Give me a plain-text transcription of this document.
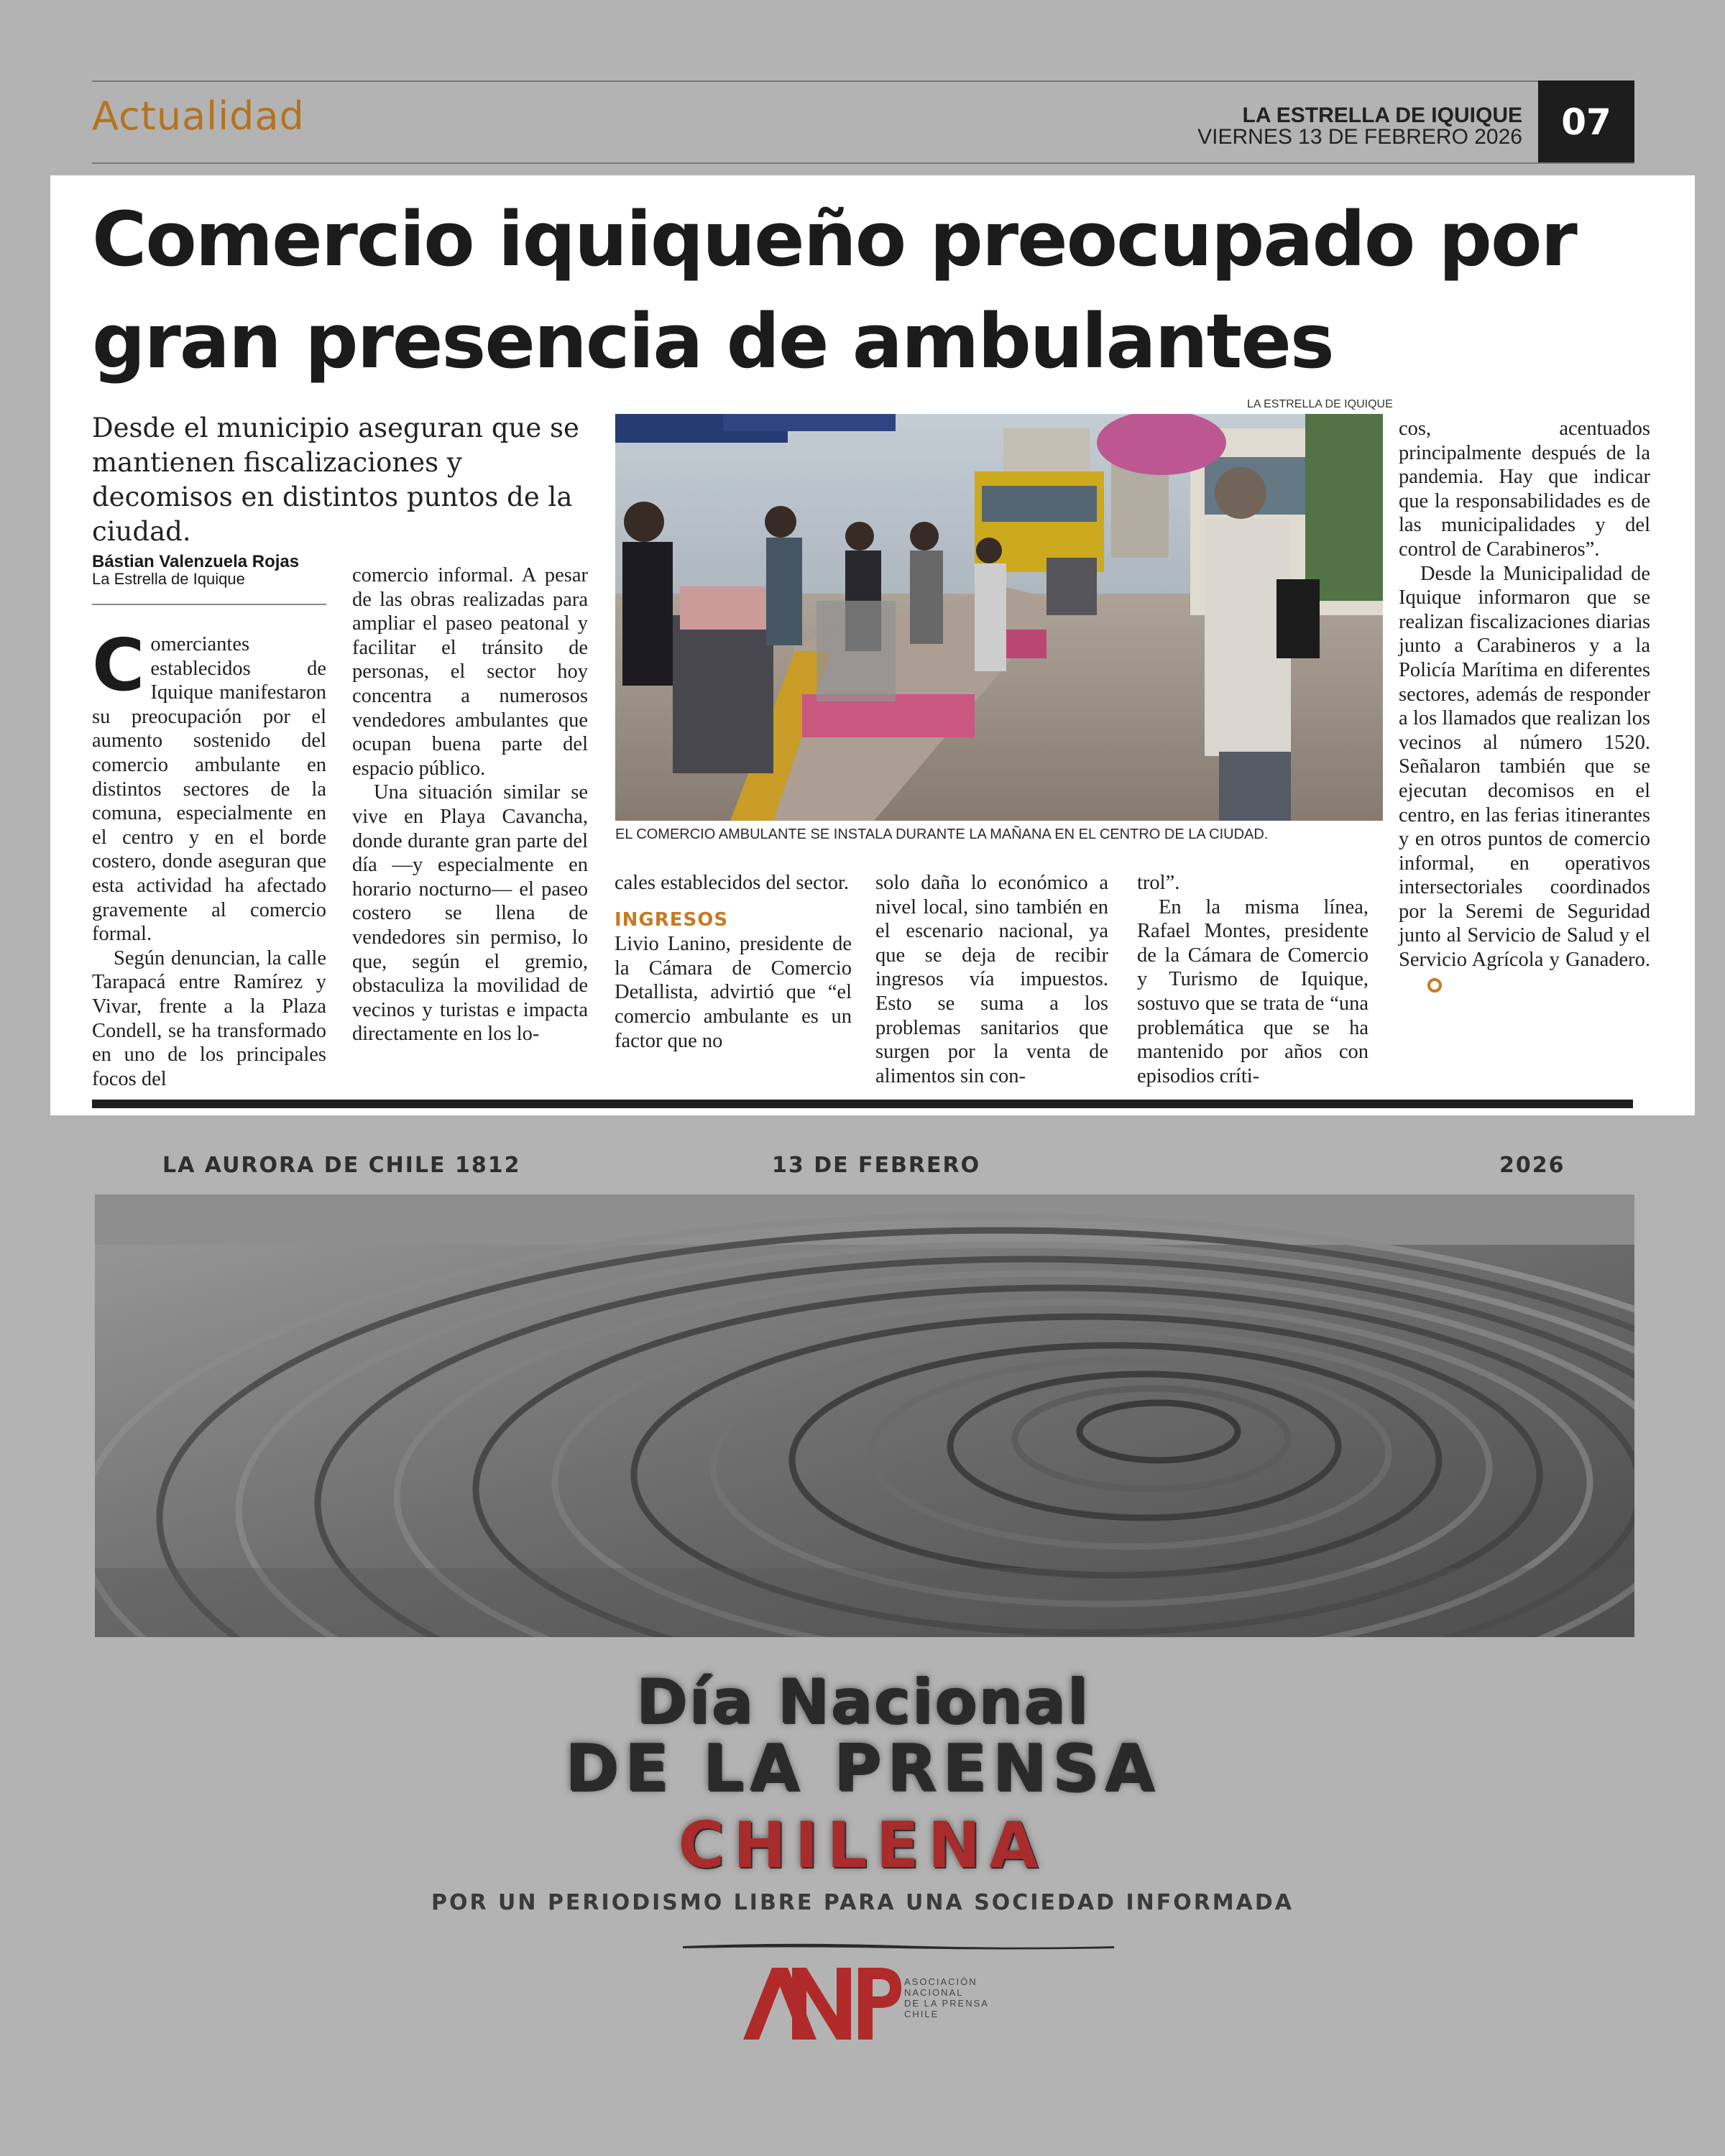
Actualidad	LA ESTRELLA DE IQUIQUE
VIERNES 13 DE FEBRERO 2026	07
Comercio iquiqueño preocupado por
gran presencia de ambulantes
Desde el municipio aseguran que se mantienen fiscalizaciones y decomisos en distintos puntos de la ciudad.
Bástian Valenzuela Rojas
La Estrella de Iquique

Comerciantes establecidos de Iquique manifestaron su preocupación por el aumento sostenido del comercio ambulante en distintos sectores de la comuna, especialmente en el centro y en el borde costero, donde aseguran que esta actividad ha afectado gravemente al comercio formal.

Según denuncian, la calle Tarapacá entre Ramírez y Vivar, frente a la Plaza Condell, se ha transformado en uno de los principales focos del

comercio informal. A pesar de las obras realizadas para ampliar el paseo peatonal y facilitar el tránsito de personas, el sector hoy concentra a numerosos vendedores ambulantes que ocupan buena parte del espacio público.

Una situación similar se vive en Playa Cavancha, donde durante gran parte del día —y especialmente en horario nocturno— el paseo costero se llena de vendedores sin permiso, lo que, según el gremio, obstaculiza la movilidad de vecinos y turistas e impacta directamente en los lo-

LA ESTRELLA DE IQUIQUE
EL COMERCIO AMBULANTE SE INSTALA DURANTE LA MAÑANA EN EL CENTRO DE LA CIUDAD.

cales establecidos del sector.

INGRESOS

Livio Lanino, presidente de la Cámara de Comercio Detallista, advirtió que “el comercio ambulante es un factor que no

solo daña lo económico a nivel local, sino también en el escenario nacional, ya que se deja de recibir ingresos vía impuestos. Esto se suma a los problemas sanitarios que surgen por la venta de alimentos sin con-

trol”.

En la misma línea, Rafael Montes, presidente de la Cámara de Comercio y Turismo de Iquique, sostuvo que se trata de “una problemática que se ha mantenido por años con episodios críti-

cos, acentuados principalmente después de la pandemia. Hay que indicar que la responsabilidades es de las municipalidades y del control de Carabineros”.

Desde la Municipalidad de Iquique informaron que se realizan fiscalizaciones diarias junto a Carabineros y a la Policía Marítima en diferentes sectores, además de responder a los llamados que realizan los vecinos al número 1520. Señalaron también que se ejecutan decomisos en el centro, en las ferias itinerantes y en otros puntos de comercio informal, en operativos intersectoriales coordinados por la Seremi de Seguridad junto al Servicio de Salud y el Servicio Agrícola y Ganadero.

LA AURORA DE CHILE 1812	13 DE FEBRERO	2026
Día Nacional
DE LA PRENSA
CHILENA
POR UN PERIODISMO LIBRE PARA UNA SOCIEDAD INFORMADA
ASOCIACIÓN
NACIONAL
DE LA PRENSA
CHILE
